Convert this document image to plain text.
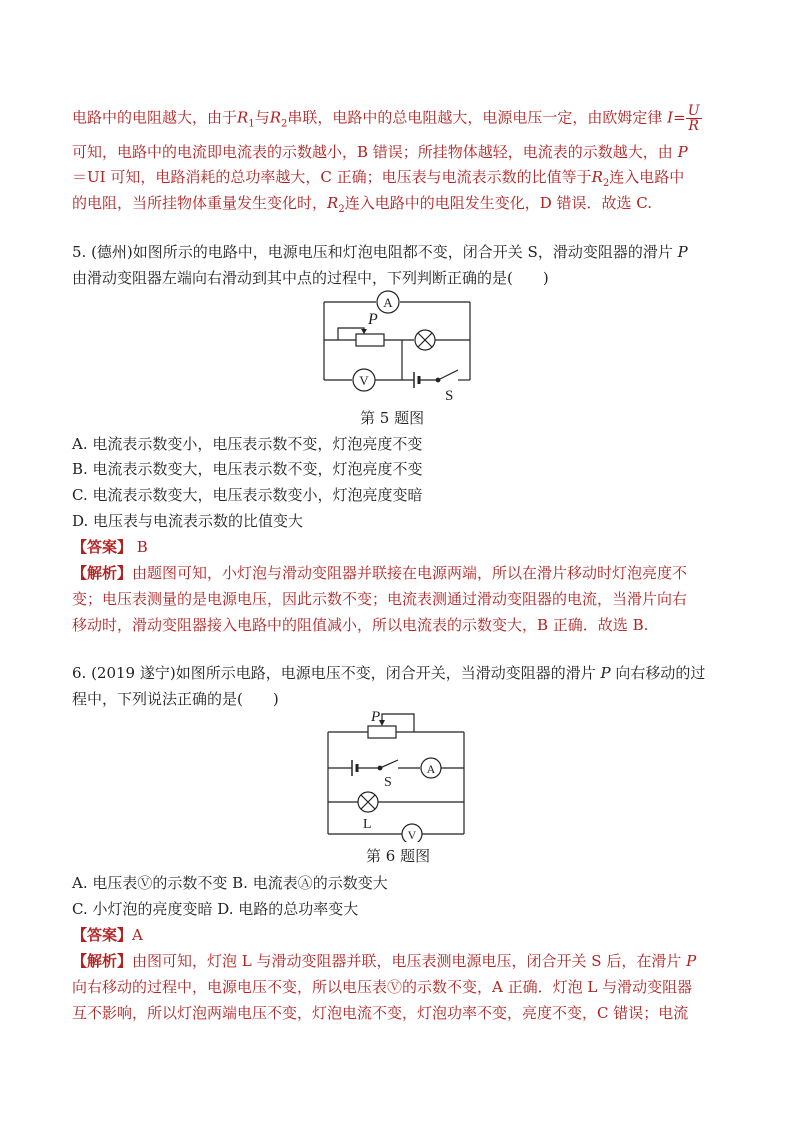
电路中的电阻越大，由于$R_1$与$R_2$串联，电路中的总电阻越大，电源电压一定，由欧姆定律 $I= \frac{U}{R}$
可知，电路中的电流即电流表的示数越小，B 错误；所挂物体越轻，电流表的示数越大，由 P
＝UI 可知，电路消耗的总功率越大，C 正确；电压表与电流表示数的比值等于$R_2$连入电路中
的电阻，当所挂物体重量发生变化时，$R_2$连入电路中的电阻发生变化，D 错误．故选 C.
5. (德州)如图所示的电路中，电源电压和灯泡电阻都不变，闭合开关 S，滑动变阻器的滑片 P
由滑动变阻器左端向右滑动到其中点的过程中，下列判断正确的是(　　)
A
V
P
S
第 5 题图
A. 电流表示数变小，电压表示数不变，灯泡亮度不变
B. 电流表示数变大，电压表示数不变，灯泡亮度不变
C. 电流表示数变大，电压表示数变小，灯泡亮度变暗
D. 电压表与电流表示数的比值变大
【答案】 B
【解析】由题图可知，小灯泡与滑动变阻器并联接在电源两端，所以在滑片移动时灯泡亮度不
变；电压表测量的是电源电压，因此示数不变；电流表测通过滑动变阻器的电流，当滑片向右
移动时，滑动变阻器接入电路中的阻值减小，所以电流表的示数变大，B 正确．故选 B.
6. (2019 遂宁)如图所示电路，电源电压不变，闭合开关，当滑动变阻器的滑片 P 向右移动的过
程中，下列说法正确的是(　　)
P
S
A
L
V
第 6 题图
A. 电压表Ⓥ的示数不变 B. 电流表Ⓐ的示数变大
C. 小灯泡的亮度变暗 D. 电路的总功率变大
【答案】A
【解析】由图可知，灯泡 L 与滑动变阻器并联，电压表测电源电压，闭合开关 S 后，在滑片 P
向右移动的过程中，电源电压不变，所以电压表Ⓥ的示数不变，A 正确．灯泡 L 与滑动变阻器
互不影响，所以灯泡两端电压不变，灯泡电流不变，灯泡功率不变，亮度不变，C 错误；电流
